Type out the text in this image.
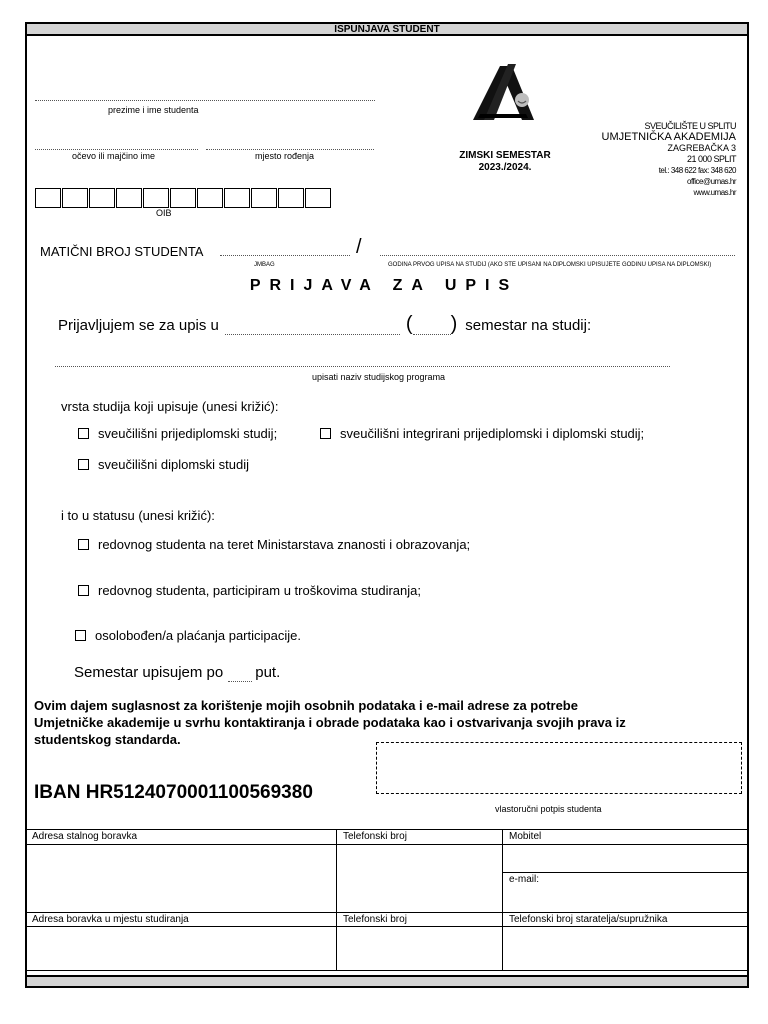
ISPUNJAVA STUDENT
prezime i ime studenta
očevo ili majčino ime	mjesto rođenja
OIB
ZIMSKI SEMESTAR
2023./2024.
SVEUČILIŠTE U SPLITU
UMJETNIČKA AKADEMIJA
ZAGREBAČKA 3
21 000 SPLIT
tel.: 348 622 fax: 348 620
office@umas.hr
www.umas.hr
MATIČNI BROJ STUDENTA	/
JMBAG	GODINA PRVOG UPISA NA STUDIJ (AKO STE UPISANI NA DIPLOMSKI UPISUJETE GODINU UPISA NA DIPLOMSKI)
PRIJAVA ZA UPIS
Prijavljujem se za upis u
	(
) semestar na studij:
upisati naziv studijskog programa
vrsta studija koji upisuje (unesi križić):
sveučilišni prijediplomski studij;	sveučilišni integrirani prijediplomski i diplomski studij;
sveučilišni diplomski studij
i to u statusu (unesi križić):
redovnog studenta na teret Ministarstava znanosti i obrazovanja;
redovnog studenta, participiram u troškovima studiranja;
osolobođen/a plaćanja participacije.
Semestar upisujem po
put.
Ovim dajem suglasnost za korištenje mojih osobnih podataka i e-mail adrese za potrebe
Umjetničke akademije u svrhu kontaktiranja i obrade podataka kao i ostvarivanja svojih prava iz
studentskog standarda.
IBAN HR5124070001100569380
vlastoručni potpis studenta
Adresa stalnog boravka	Telefonski broj	Mobitel

		e-mail:

Adresa boravka u mjestu studiranja	Telefonski broj	Telefonski broj staratelja/supružnika
